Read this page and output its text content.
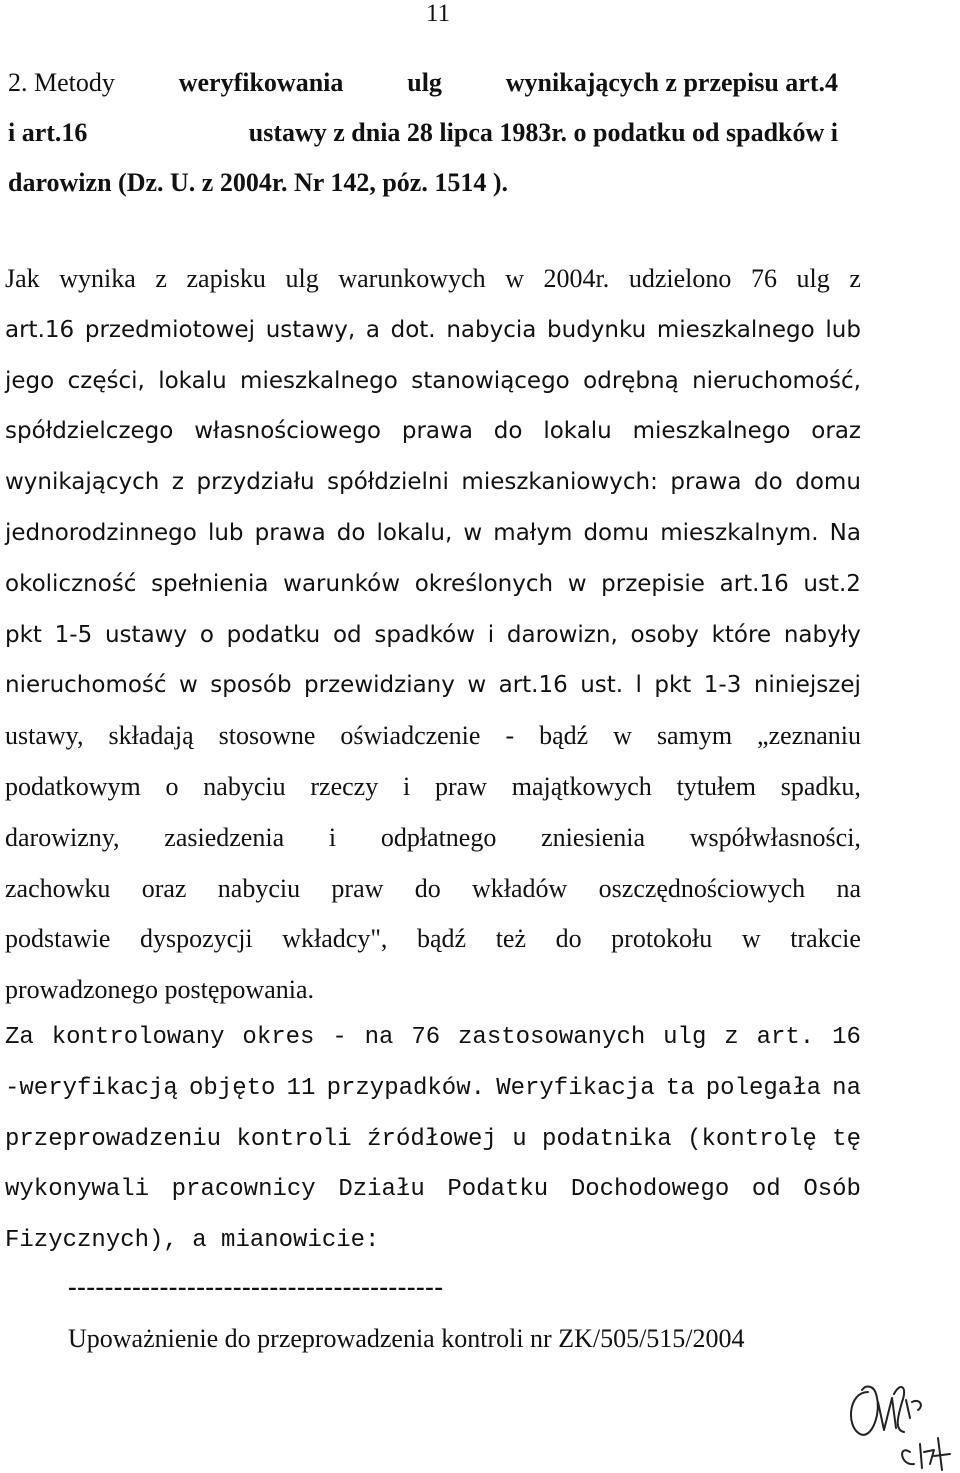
11
2. Metody weryfikowania ulg wynikających z przepisu art.4
i art.16	ustawy z dnia 28 lipca 1983r. o podatku od spadków i
darowizn (Dz. U. z 2004r. Nr 142, póz. 1514 ).
Jak wynika z zapisku ulg warunkowych w 2004r. udzielono 76 ulg z
art.16 przedmiotowej ustawy, a dot. nabycia budynku mieszkalnego lub
jego części, lokalu mieszkalnego stanowiącego odrębną nieruchomość,
spółdzielczego własnościowego prawa do lokalu mieszkalnego oraz
wynikających z przydziału spółdzielni mieszkaniowych: prawa do domu
jednorodzinnego lub prawa do lokalu, w małym domu mieszkalnym. Na
okoliczność spełnienia warunków określonych w przepisie art.16 ust.2
pkt 1-5 ustawy o podatku od spadków i darowizn, osoby które nabyły
nieruchomość w sposób przewidziany w art.16 ust. l pkt 1-3 niniejszej
ustawy, składają stosowne oświadczenie - bądź w samym „zeznaniu
podatkowym o nabyciu rzeczy i praw majątkowych tytułem spadku,
darowizny, zasiedzenia i odpłatnego zniesienia współwłasności,
zachowku oraz nabyciu praw do wkładów oszczędnościowych na
podstawie dyspozycji wkładcy", bądź też do protokołu w trakcie
prowadzonego postępowania.
Za kontrolowany okres - na 76 zastosowanych ulg z art. 16
-weryfikacją objęto 11 przypadków. Weryfikacja ta polegała na
przeprowadzeniu kontroli źródłowej u podatnika (kontrolę tę
wykonywali pracownicy Działu Podatku Dochodowego od Osób
Fizycznych), a mianowicie:
-----------------------------------------
Upoważnienie do przeprowadzenia kontroli nr ZK/505/515/2004
